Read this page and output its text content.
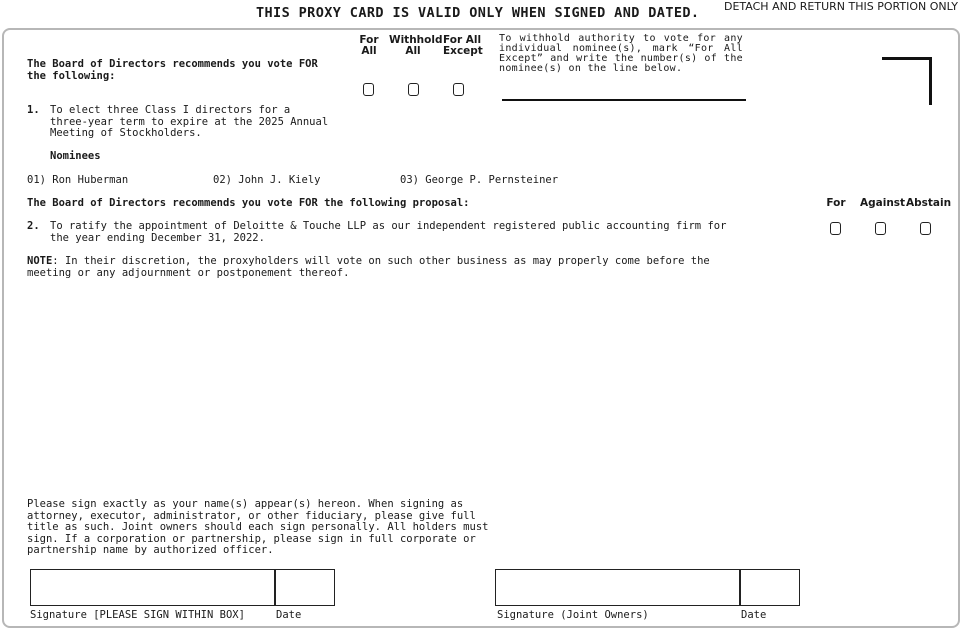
THIS PROXY CARD IS VALID ONLY WHEN SIGNED AND DATED. DETACH AND RETURN THIS PORTION ONLY
The Board of Directors recommends you vote FOR
the following:
For
All
Withhold
All
For All
Except
To withhold authority to vote for any individual nominee(s), mark “For All Except” and write the number(s) of the nominee(s) on the line below.
1. To elect three Class I directors for a
three-year term to expire at the 2025 Annual
Meeting of Stockholders.
Nominees
01) Ron Huberman	02) John J. Kiely	03) George P. Pernsteiner
The Board of Directors recommends you vote FOR the following proposal:	For	Against Abstain
2. To ratify the appointment of Deloitte & Touche LLP as our independent registered public accounting firm for
the year ending December 31, 2022.
NOTE: In their discretion, the proxyholders will vote on such other business as may properly come before the
meeting or any adjournment or postponement thereof.
Please sign exactly as your name(s) appear(s) hereon. When signing as
attorney, executor, administrator, or other fiduciary, please give full
title as such. Joint owners should each sign personally. All holders must
sign. If a corporation or partnership, please sign in full corporate or
partnership name by authorized officer.
Signature [PLEASE SIGN WITHIN BOX]	Date	Signature (Joint Owners)	Date
